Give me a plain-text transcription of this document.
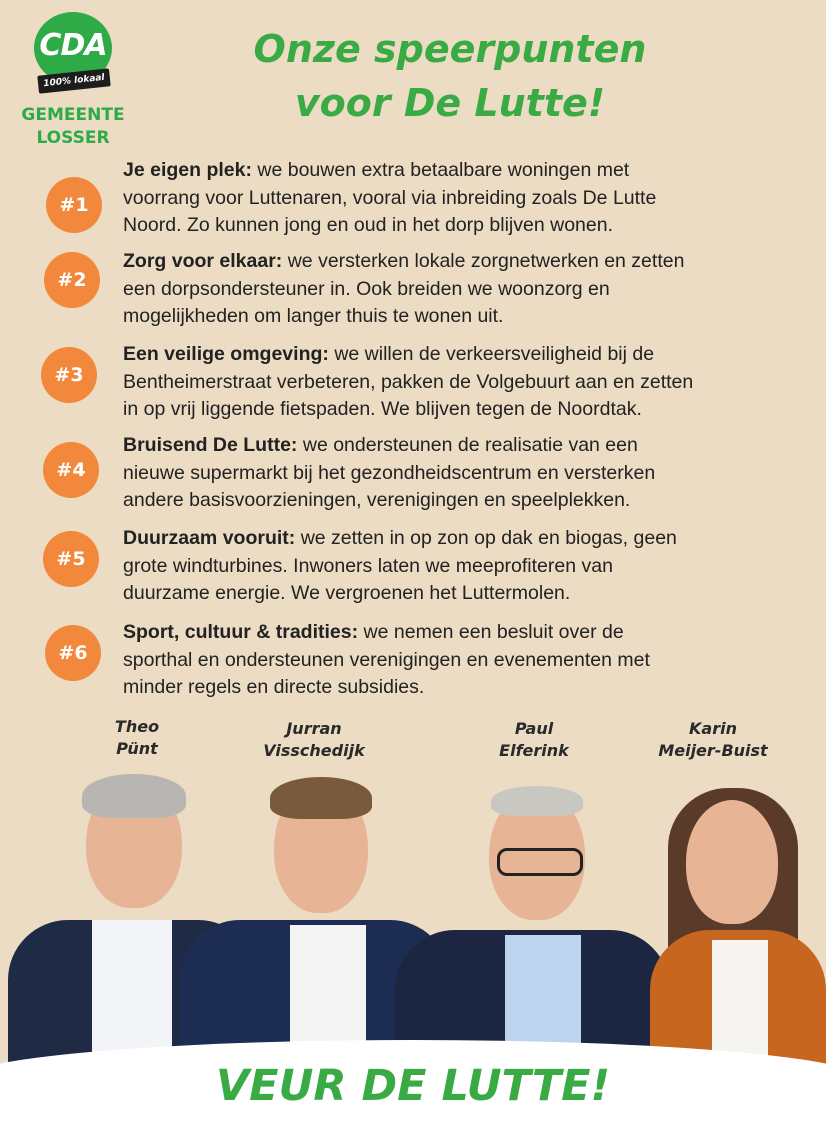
CDA
100% lokaal
GEMEENTE
LOSSER
Onze speerpunten
voor De Lutte!
#1
Je eigen plek: we bouwen extra betaalbare woningen met
voorrang voor Luttenaren, vooral via inbreiding zoals De Lutte
Noord. Zo kunnen jong en oud in het dorp blijven wonen.
#2
Zorg voor elkaar: we versterken lokale zorgnetwerken en zetten
een dorpsondersteuner in. Ook breiden we woonzorg en
mogelijkheden om langer thuis te wonen uit.
#3
Een veilige omgeving: we willen de verkeersveiligheid bij de
Bentheimerstraat verbeteren, pakken de Volgebuurt aan en zetten
in op vrij liggende fietspaden. We blijven tegen de Noordtak.
#4
Bruisend De Lutte: we ondersteunen de realisatie van een
nieuwe supermarkt bij het gezondheidscentrum en versterken
andere basisvoorzieningen, verenigingen en speelplekken.
#5
Duurzaam vooruit: we zetten in op zon op dak en biogas, geen
grote windturbines. Inwoners laten we meeprofiteren van
duurzame energie. We vergroenen het Luttermolen.
#6
Sport, cultuur & tradities: we nemen een besluit over de
sporthal en ondersteunen verenigingen en evenementen met
minder regels en directe subsidies.
Theo
Pünt
Jurran
Visschedijk
Paul
Elferink
Karin
Meijer-Buist
VEUR DE LUTTE!
